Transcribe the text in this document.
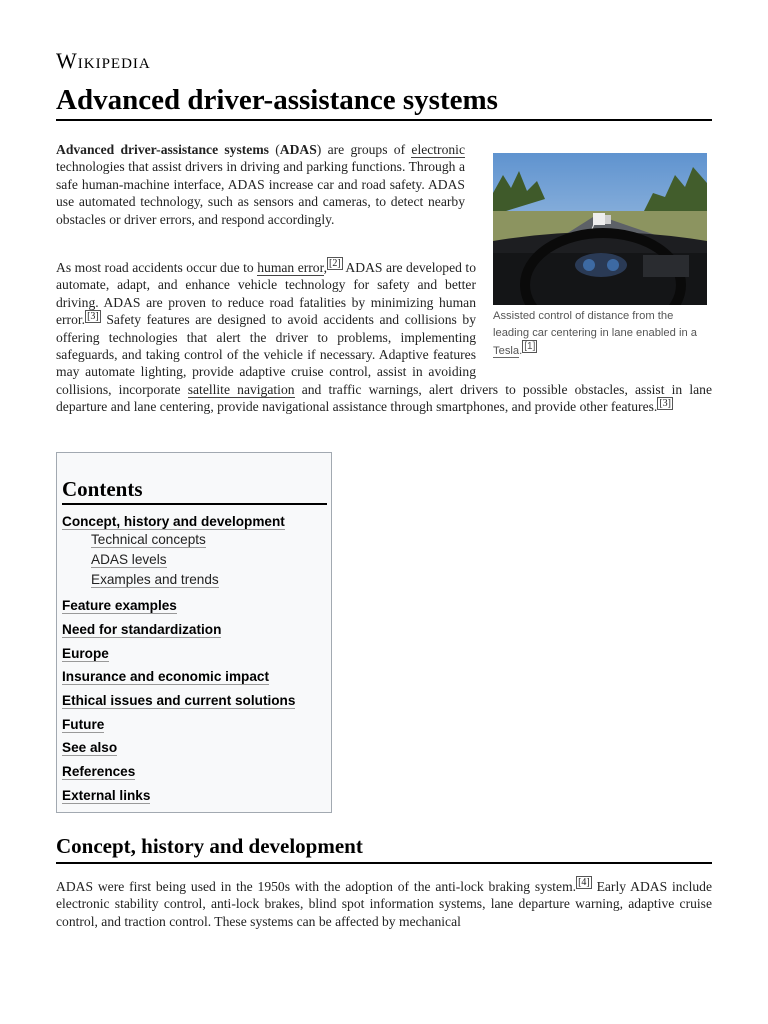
Wikipedia
Advanced driver-assistance systems

Advanced driver-assistance systems (ADAS) are groups of electronic technologies that assist drivers in driving and parking functions. Through a safe human-machine interface, ADAS increase car and road safety. ADAS use automated technology, such as sensors and cameras, to detect nearby obstacles or driver errors, and respond accordingly.

Assisted control of distance from the leading car centering in lane enabled in a Tesla. [1]

As most road accidents occur due to human error, [2] ADAS are developed to automate, adapt, and enhance vehicle technology for safety and better driving. ADAS are proven to reduce road fatalities by minimizing human error. [3] Safety features are designed to avoid accidents and collisions by offering technologies that alert the driver to problems, implementing safeguards, and taking control of the vehicle if necessary. Adaptive features may automate lighting, provide adaptive cruise control, assist in avoiding collisions, incorporate satellite navigation and traffic warnings, alert drivers to possible obstacles, assist in lane departure and lane centering, provide navigational assistance through smartphones, and provide other features. [3]

Contents
Concept, history and development
Technical concepts
ADAS levels
Examples and trends
Feature examples
Need for standardization
Europe
Insurance and economic impact
Ethical issues and current solutions
Future
See also
References
External links
Concept, history and development

ADAS were first being used in the 1950s with the adoption of the anti-lock braking system. [4] Early ADAS include electronic stability control, anti-lock brakes, blind spot information systems, lane departure warning, adaptive cruise control, and traction control. These systems can be affected by mechanical
